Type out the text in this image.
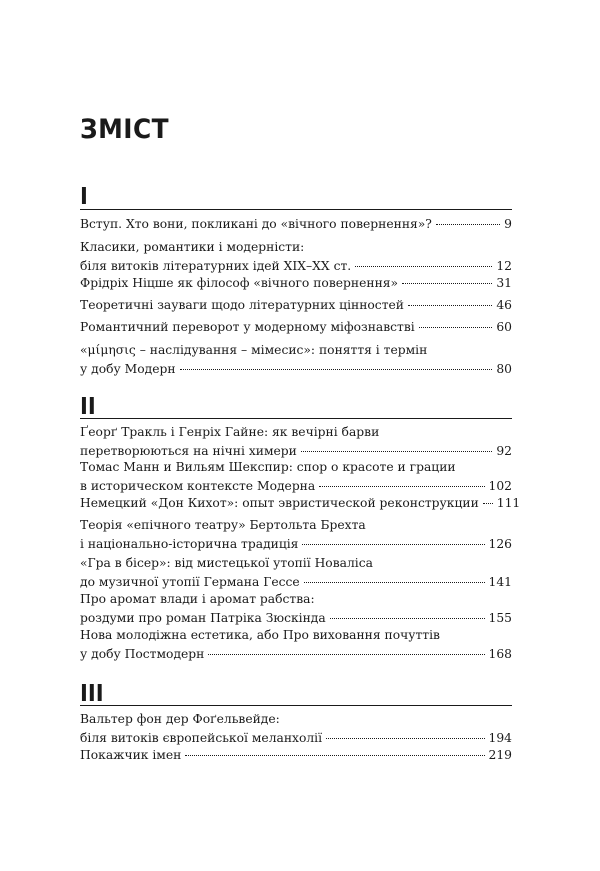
ЗМІСТ
I
Вступ. Хто вони, покликані до «вічного повернення»?	9
Класики, романтики і модерністи:
біля витоків літературних ідей ХІХ–ХХ ст.	12
Фрідріх Ніцше як філософ «вічного повернення»	31
Теоретичні зауваги щодо літературних цінностей	46
Романтичний переворот у модерному міфознавстві	60
«μίμησις – наслідування – мімесис»: поняття і термін
у добу Модерн	80
II
Ґеорґ Тракль і Генріх Гайне: як вечірні барви
перетворюються на нічні химери	92
Томас Манн и Вильям Шекспир: спор о красоте и грации
в историческом контексте Модерна	102
Немецкий «Дон Кихот»: опыт эвристической реконструкции 111
Теорія «епічного театру» Бертольта Брехта
і національно-історична традиція	126
«Гра в бісер»: від мистецької утопії Новаліса
до музичної утопії Германа Гессе	141
Про аромат влади і аромат рабства:
роздуми про роман Патріка Зюскінда	155
Нова молодіжна естетика, або Про виховання почуттів
у добу Постмодерн	168
III
Вальтер фон дер Фоґельвейде:
біля витоків європейської меланхолії	194
Покажчик імен	219
